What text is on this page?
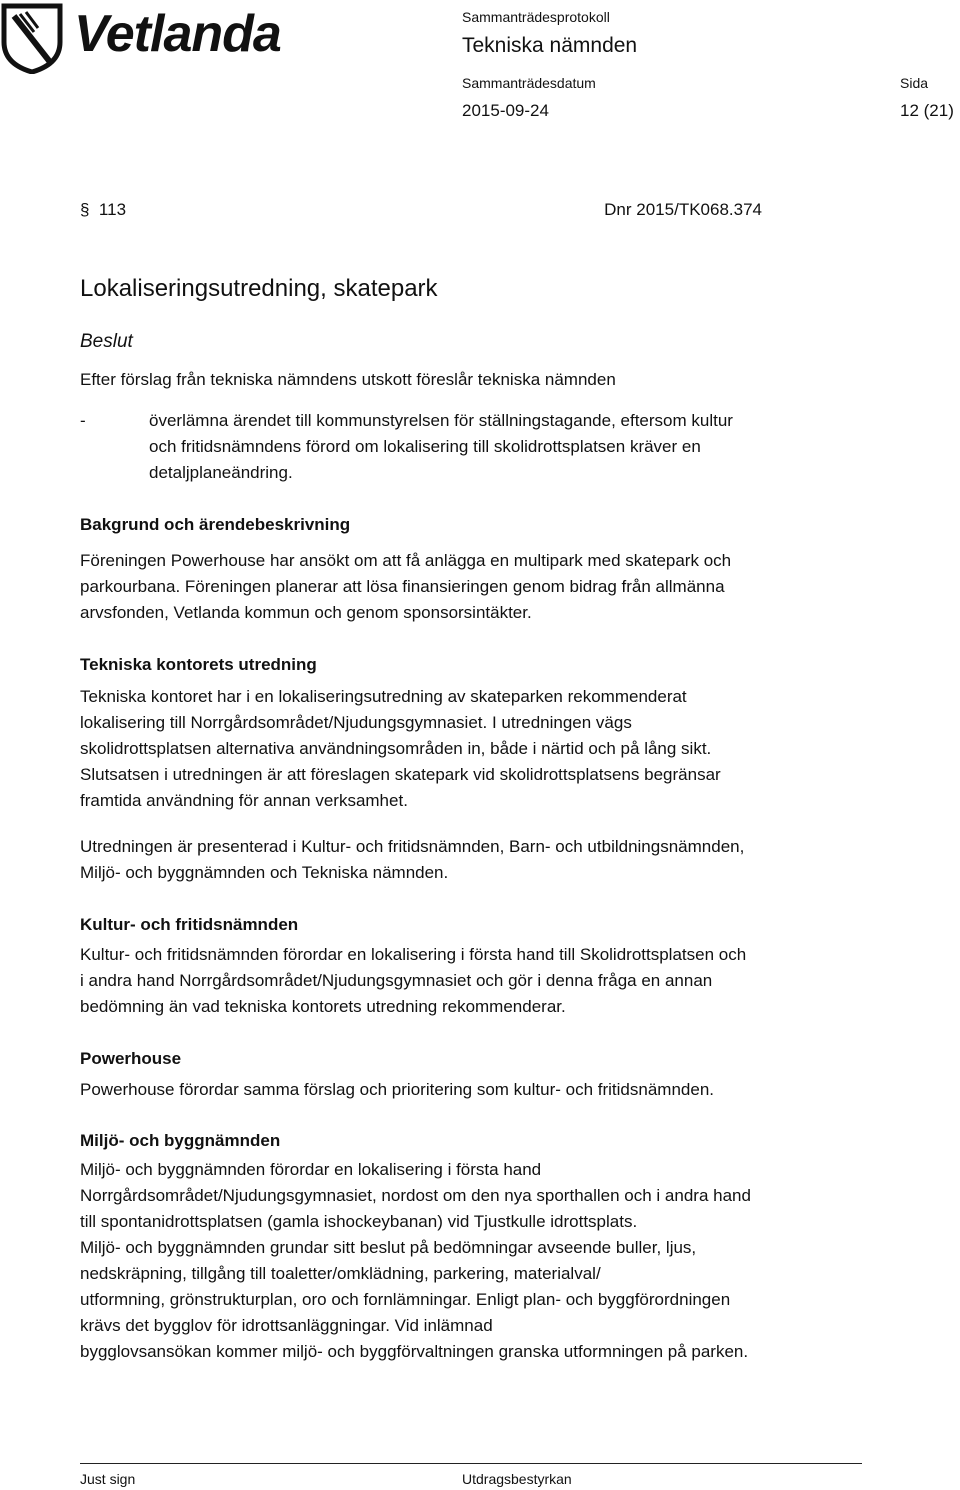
Vetlanda	Sammanträdesprotokoll
Tekniska nämnden
Sammanträdesdatum
2015-09-24
Sida
12 (21)
§ 113	Dnr 2015/TK068.374
Lokaliseringsutredning, skatepark
Beslut
Efter förslag från tekniska nämndens utskott föreslår tekniska nämnden
-	överlämna ärendet till kommunstyrelsen för ställningstagande, eftersom kultur
och fritidsnämndens förord om lokalisering till skolidrottsplatsen kräver en
detaljplaneändring.
Bakgrund och ärendebeskrivning
Föreningen Powerhouse har ansökt om att få anlägga en multipark med skatepark och
parkourbana. Föreningen planerar att lösa finansieringen genom bidrag från allmänna
arvsfonden, Vetlanda kommun och genom sponsorsintäkter.
Tekniska kontorets utredning
Tekniska kontoret har i en lokaliseringsutredning av skateparken rekommenderat
lokalisering till Norrgårdsområdet/Njudungsgymnasiet. I utredningen vägs
skolidrottsplatsen alternativa användningsområden in, både i närtid och på lång sikt.
Slutsatsen i utredningen är att föreslagen skatepark vid skolidrottsplatsens begränsar
framtida användning för annan verksamhet.
Utredningen är presenterad i Kultur- och fritidsnämnden, Barn- och utbildningsnämnden,
Miljö- och byggnämnden och Tekniska nämnden.
Kultur- och fritidsnämnden
Kultur- och fritidsnämnden förordar en lokalisering i första hand till Skolidrottsplatsen och
i andra hand Norrgårdsområdet/Njudungsgymnasiet och gör i denna fråga en annan
bedömning än vad tekniska kontorets utredning rekommenderar.
Powerhouse
Powerhouse förordar samma förslag och prioritering som kultur- och fritidsnämnden.
Miljö- och byggnämnden
Miljö- och byggnämnden förordar en lokalisering i första hand
Norrgårdsområdet/Njudungsgymnasiet, nordost om den nya sporthallen och i andra hand
till spontanidrottsplatsen (gamla ishockeybanan) vid Tjustkulle idrottsplats.
Miljö- och byggnämnden grundar sitt beslut på bedömningar avseende buller, ljus,
nedskräpning, tillgång till toaletter/omklädning, parkering, materialval/
utformning, grönstrukturplan, oro och fornlämningar. Enligt plan- och byggförordningen
krävs det bygglov för idrottsanläggningar. Vid inlämnad
bygglovsansökan kommer miljö- och byggförvaltningen granska utformningen på parken.
Just sign	Utdragsbestyrkan
